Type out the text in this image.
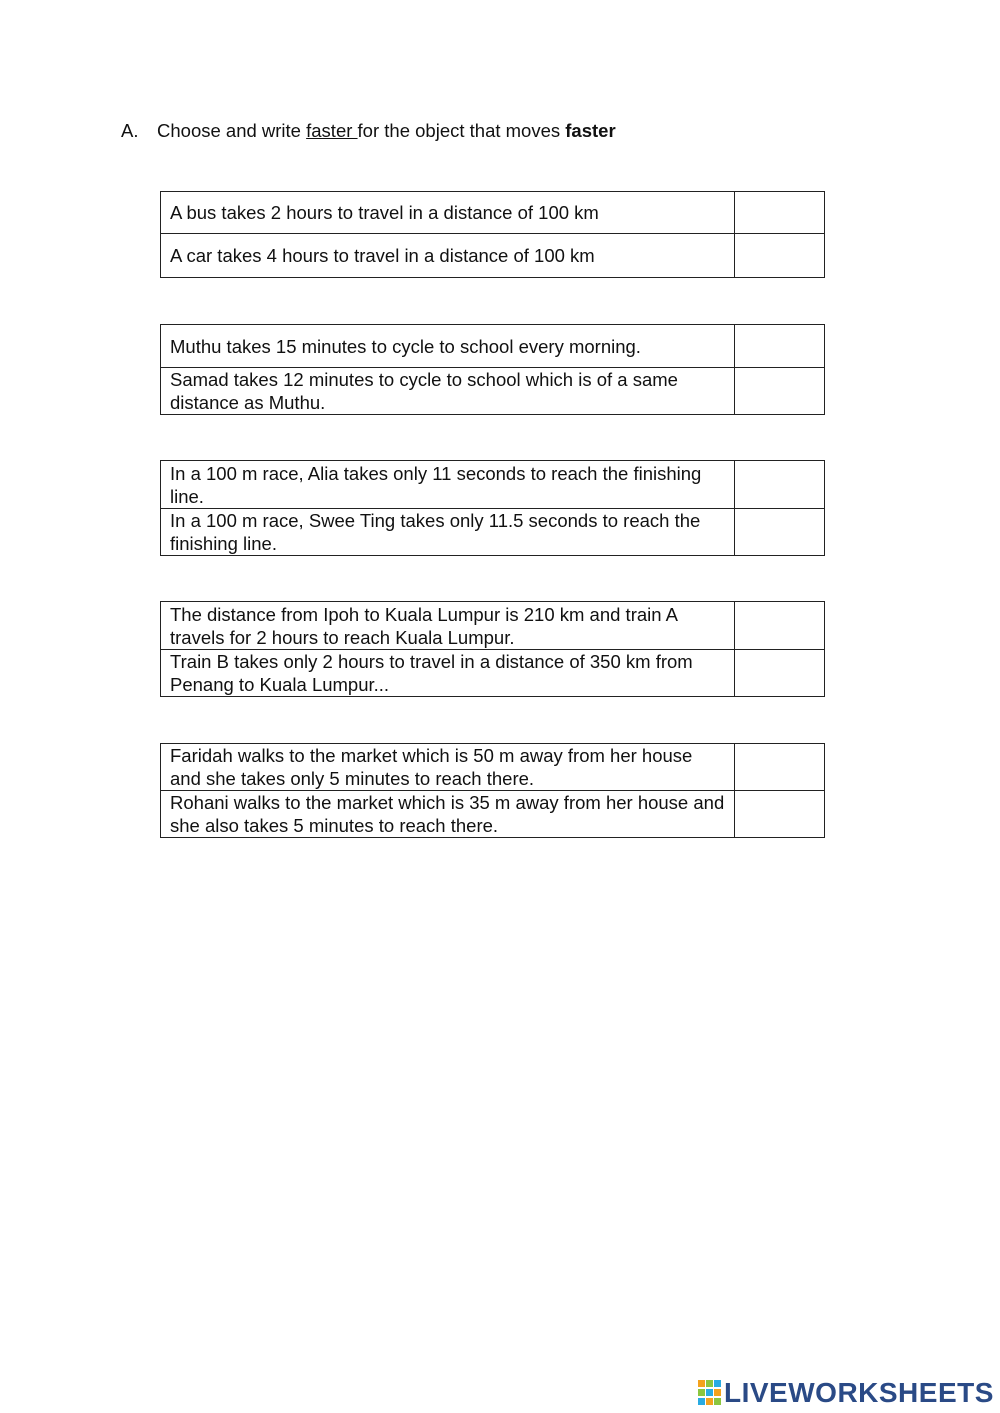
A. Choose and write faster for the object that moves faster
A bus takes 2 hours to travel in a distance of 100 km	
A car takes 4 hours to travel in a distance of 100 km	
Muthu takes 15 minutes to cycle to school every morning.	
Samad takes 12 minutes to cycle to school which is of a same distance as Muthu.	
In a 100 m race, Alia takes only 11 seconds to reach the finishing line.	
In a 100 m race, Swee Ting takes only 11.5 seconds to reach the finishing line.	
The distance from Ipoh to Kuala Lumpur is 210 km and train A travels for 2 hours to reach Kuala Lumpur.	
Train B takes only 2 hours to travel in a distance of 350 km from Penang to Kuala Lumpur...	
Faridah walks to the market which is 50 m away from her house and she takes only 5 minutes to reach there.	
Rohani walks to the market which is 35 m away from her house and she also takes 5 minutes to reach there.	
LIVEWORKSHEETS
